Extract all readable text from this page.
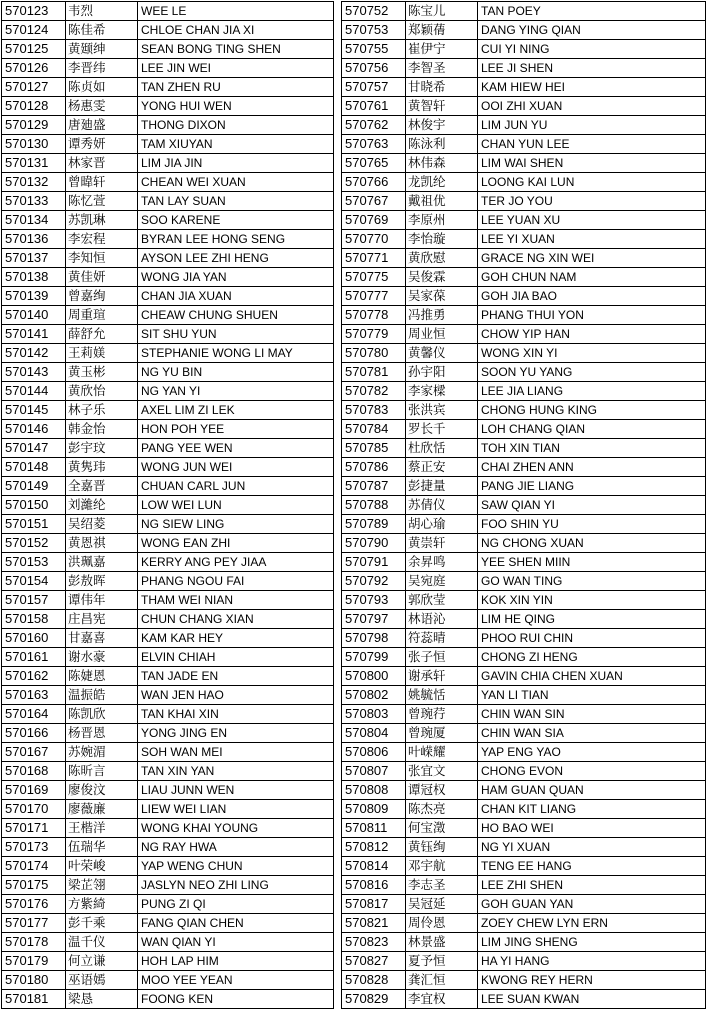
570123	韦烈	WEE LE
570124	陈佳希	CHLOE CHAN JIA XI
570125	黄颋绅	SEAN BONG TING SHEN
570126	李晋纬	LEE JIN WEI
570127	陈贞如	TAN ZHEN RU
570128	杨惠雯	YONG HUI WEN
570129	唐廸盛	THONG DIXON
570130	谭秀妍	TAM XIUYAN
570131	林家晋	LIM JIA JIN
570132	曾暐轩	CHEAN WEI XUAN
570133	陈忆萱	TAN LAY SUAN
570134	苏凯琳	SOO KARENE
570136	李宏程	BYRAN LEE HONG SENG
570137	李知恒	AYSON LEE ZHI HENG
570138	黄佳妍	WONG JIA YAN
570139	曾嘉绚	CHAN JIA XUAN
570140	周重瑄	CHEAW CHUNG SHUEN
570141	薛舒允	SIT SHU YUN
570142	王莉媄	STEPHANIE WONG LI MAY
570143	黄玉彬	NG YU BIN
570144	黄欣怡	NG YAN YI
570145	林子乐	AXEL LIM ZI LEK
570146	韩金怡	HON POH YEE
570147	彭宇玟	PANG YEE WEN
570148	黄隽玮	WONG JUN WEI
570149	全嘉晋	CHUAN CARL JUN
570150	刘濰纶	LOW WEI LUN
570151	吴绍菱	NG SIEW LING
570152	黄恩祺	WONG EAN ZHI
570153	洪珮嘉	KERRY ANG PEY JIAA
570154	彭敖晖	PHANG NGOU FAI
570157	谭伟年	THAM WEI NIAN
570158	庄昌宪	CHUN CHANG XIAN
570160	甘嘉喜	KAM KAR HEY
570161	谢水豪	ELVIN CHIAH
570162	陈婕恩	TAN JADE EN
570163	温振皓	WAN JEN HAO
570164	陈凯欣	TAN KHAI XIN
570166	杨晋恩	YONG JING EN
570167	苏婉湄	SOH WAN MEI
570168	陈昕言	TAN XIN YAN
570169	廖俊汶	LIAU JUNN WEN
570170	廖薇廉	LIEW WEI LIAN
570171	王楷洋	WONG KHAI YOUNG
570173	伍瑞华	NG RAY HWA
570174	叶荣峻	YAP WENG CHUN
570175	梁芷翎	JASLYN NEO ZHI LING
570176	方紫綺	PUNG ZI QI
570177	彭千乘	FANG QIAN CHEN
570178	温千仪	WAN QIAN YI
570179	何立谦	HOH LAP HIM
570180	巫语嫣	MOO YEE YEAN
570181	梁恳	FOONG KEN
570752	陈宝儿	TAN POEY
570753	郑颖蒨	DANG YING QIAN
570755	崔伊宁	CUI YI NING
570756	李智圣	LEE JI SHEN
570757	甘晓希	KAM HIEW HEI
570761	黄智轩	OOI ZHI XUAN
570762	林俊宇	LIM JUN YU
570763	陈泳利	CHAN YUN LEE
570765	林伟森	LIM WAI SHEN
570766	龙凯纶	LOONG KAI LUN
570767	戴祖优	TER JO YOU
570769	李原州	LEE YUAN XU
570770	李怡璇	LEE YI XUAN
570771	黄欣慰	GRACE NG XIN WEI
570775	吴俊霖	GOH CHUN NAM
570777	吴家葆	GOH JIA BAO
570778	冯推勇	PHANG THUI YON
570779	周业恒	CHOW YIP HAN
570780	黄馨仪	WONG XIN YI
570781	孙宇阳	SOON YU YANG
570782	李家樑	LEE JIA LIANG
570783	张洪宾	CHONG HUNG KING
570784	罗长千	LOH CHANG QIAN
570785	杜欣恬	TOH XIN TIAN
570786	蔡正安	CHAI ZHEN ANN
570787	彭捷量	PANG JIE LIANG
570788	苏倩仪	SAW QIAN YI
570789	胡心瑜	FOO SHIN YU
570790	黄崇轩	NG CHONG XUAN
570791	余昇鸣	YEE SHEN MIIN
570792	吴宛庭	GO WAN TING
570793	郭欣莹	KOK XIN YIN
570797	林语沁	LIM HE QING
570798	符蕊晴	PHOO RUI CHIN
570799	张子恒	CHONG ZI HENG
570800	谢承轩	GAVIN CHIA CHEN XUAN
570802	姚毓恬	YAN LI TIAN
570803	曾琬荇	CHIN WAN SIN
570804	曾琬厦	CHIN WAN SIA
570806	叶嵘耀	YAP ENG YAO
570807	张宜文	CHONG EVON
570808	谭冠权	HAM GUAN QUAN
570809	陈杰亮	CHAN KIT LIANG
570811	何宝澂	HO BAO WEI
570812	黄钰绚	NG YI XUAN
570814	邓宇航	TENG EE HANG
570816	李志圣	LEE ZHI SHEN
570817	吴冠延	GOH GUAN YAN
570821	周伶恩	ZOEY CHEW LYN ERN
570823	林景盛	LIM JING SHENG
570827	夏予恒	HA YI HANG
570828	龚汇恒	KWONG REY HERN
570829	李宜权	LEE SUAN KWAN
